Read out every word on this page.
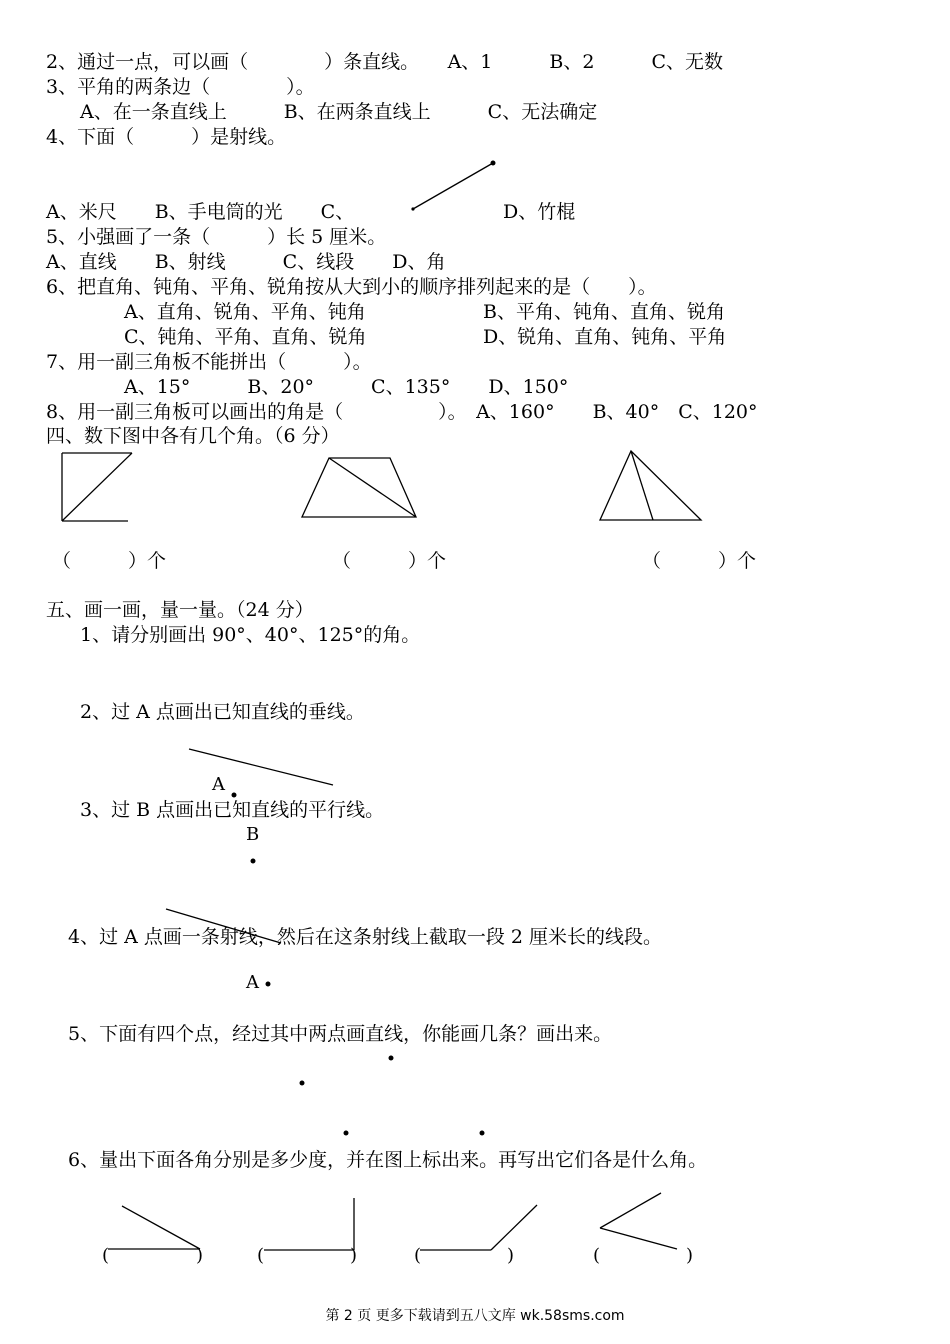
2、通过一点，可以画（　　　　）条直线。　　A、1　　　B、2　　　C、无数
3、平角的两条边（　　　　）。
A、在一条直线上　　　B、在两条直线上　　　C、无法确定
4、下面（　　　）是射线。
A、米尺　　B、手电筒的光　　C、	D、竹棍
5、小强画了一条（　　　）长 5 厘米。
A、直线　　B、射线　　　C、线段　　D、角
6、把直角、钝角、平角、锐角按从大到小的顺序排列起来的是（　　）。
A、直角、锐角、平角、钝角	B、平角、钝角、直角、锐角
C、钝角、平角、直角、锐角	D、锐角、直角、钝角、平角
7、用一副三角板不能拼出（　　　）。
A、15°　　　B、20°　　　C、135°　　D、150°
8、用一副三角板可以画出的角是（　　　　　）。　A、160°　　B、40°　C、120°
四、数下图中各有几个角。（6 分）
（　　　）个	（　　　）个	（　　　）个
五、画一画，量一量。（24 分）
1、请分别画出 90°、40°、125°的角。
2、过 A 点画出已知直线的垂线。
3、过 B 点画出已知直线的平行线。
4、过 A 点画一条射线，然后在这条射线上截取一段 2 厘米长的线段。
5、下面有四个点，经过其中两点画直线，你能画几条？画出来。
6、量出下面各角分别是多少度，并在图上标出来。再写出它们各是什么角。
A
B
A
(	)	(	)	(	)	(	)
第 2 页 更多下载请到五八文库 wk.58sms.com
